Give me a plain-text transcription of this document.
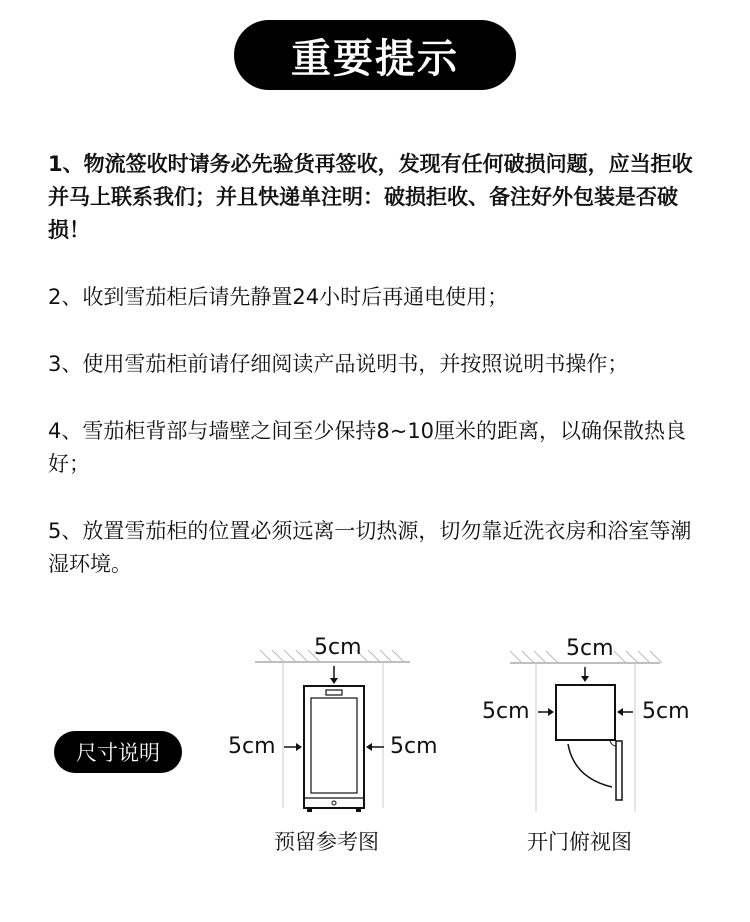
重要提示
1、物流签收时请务必先验货再签收，发现有任何破损问题，应当拒收并马上联系我们；并且快递单注明：破损拒收、备注好外包装是否破损！
2、收到雪茄柜后请先静置24小时后再通电使用；
3、使用雪茄柜前请仔细阅读产品说明书，并按照说明书操作；
4、雪茄柜背部与墙壁之间至少保持8~10厘米的距离，以确保散热良好；
5、放置雪茄柜的位置必须远离一切热源，切勿靠近洗衣房和浴室等潮湿环境。
尺寸说明
5cm
5cm	5cm
预留参考图
5cm
5cm	5cm
开门俯视图
